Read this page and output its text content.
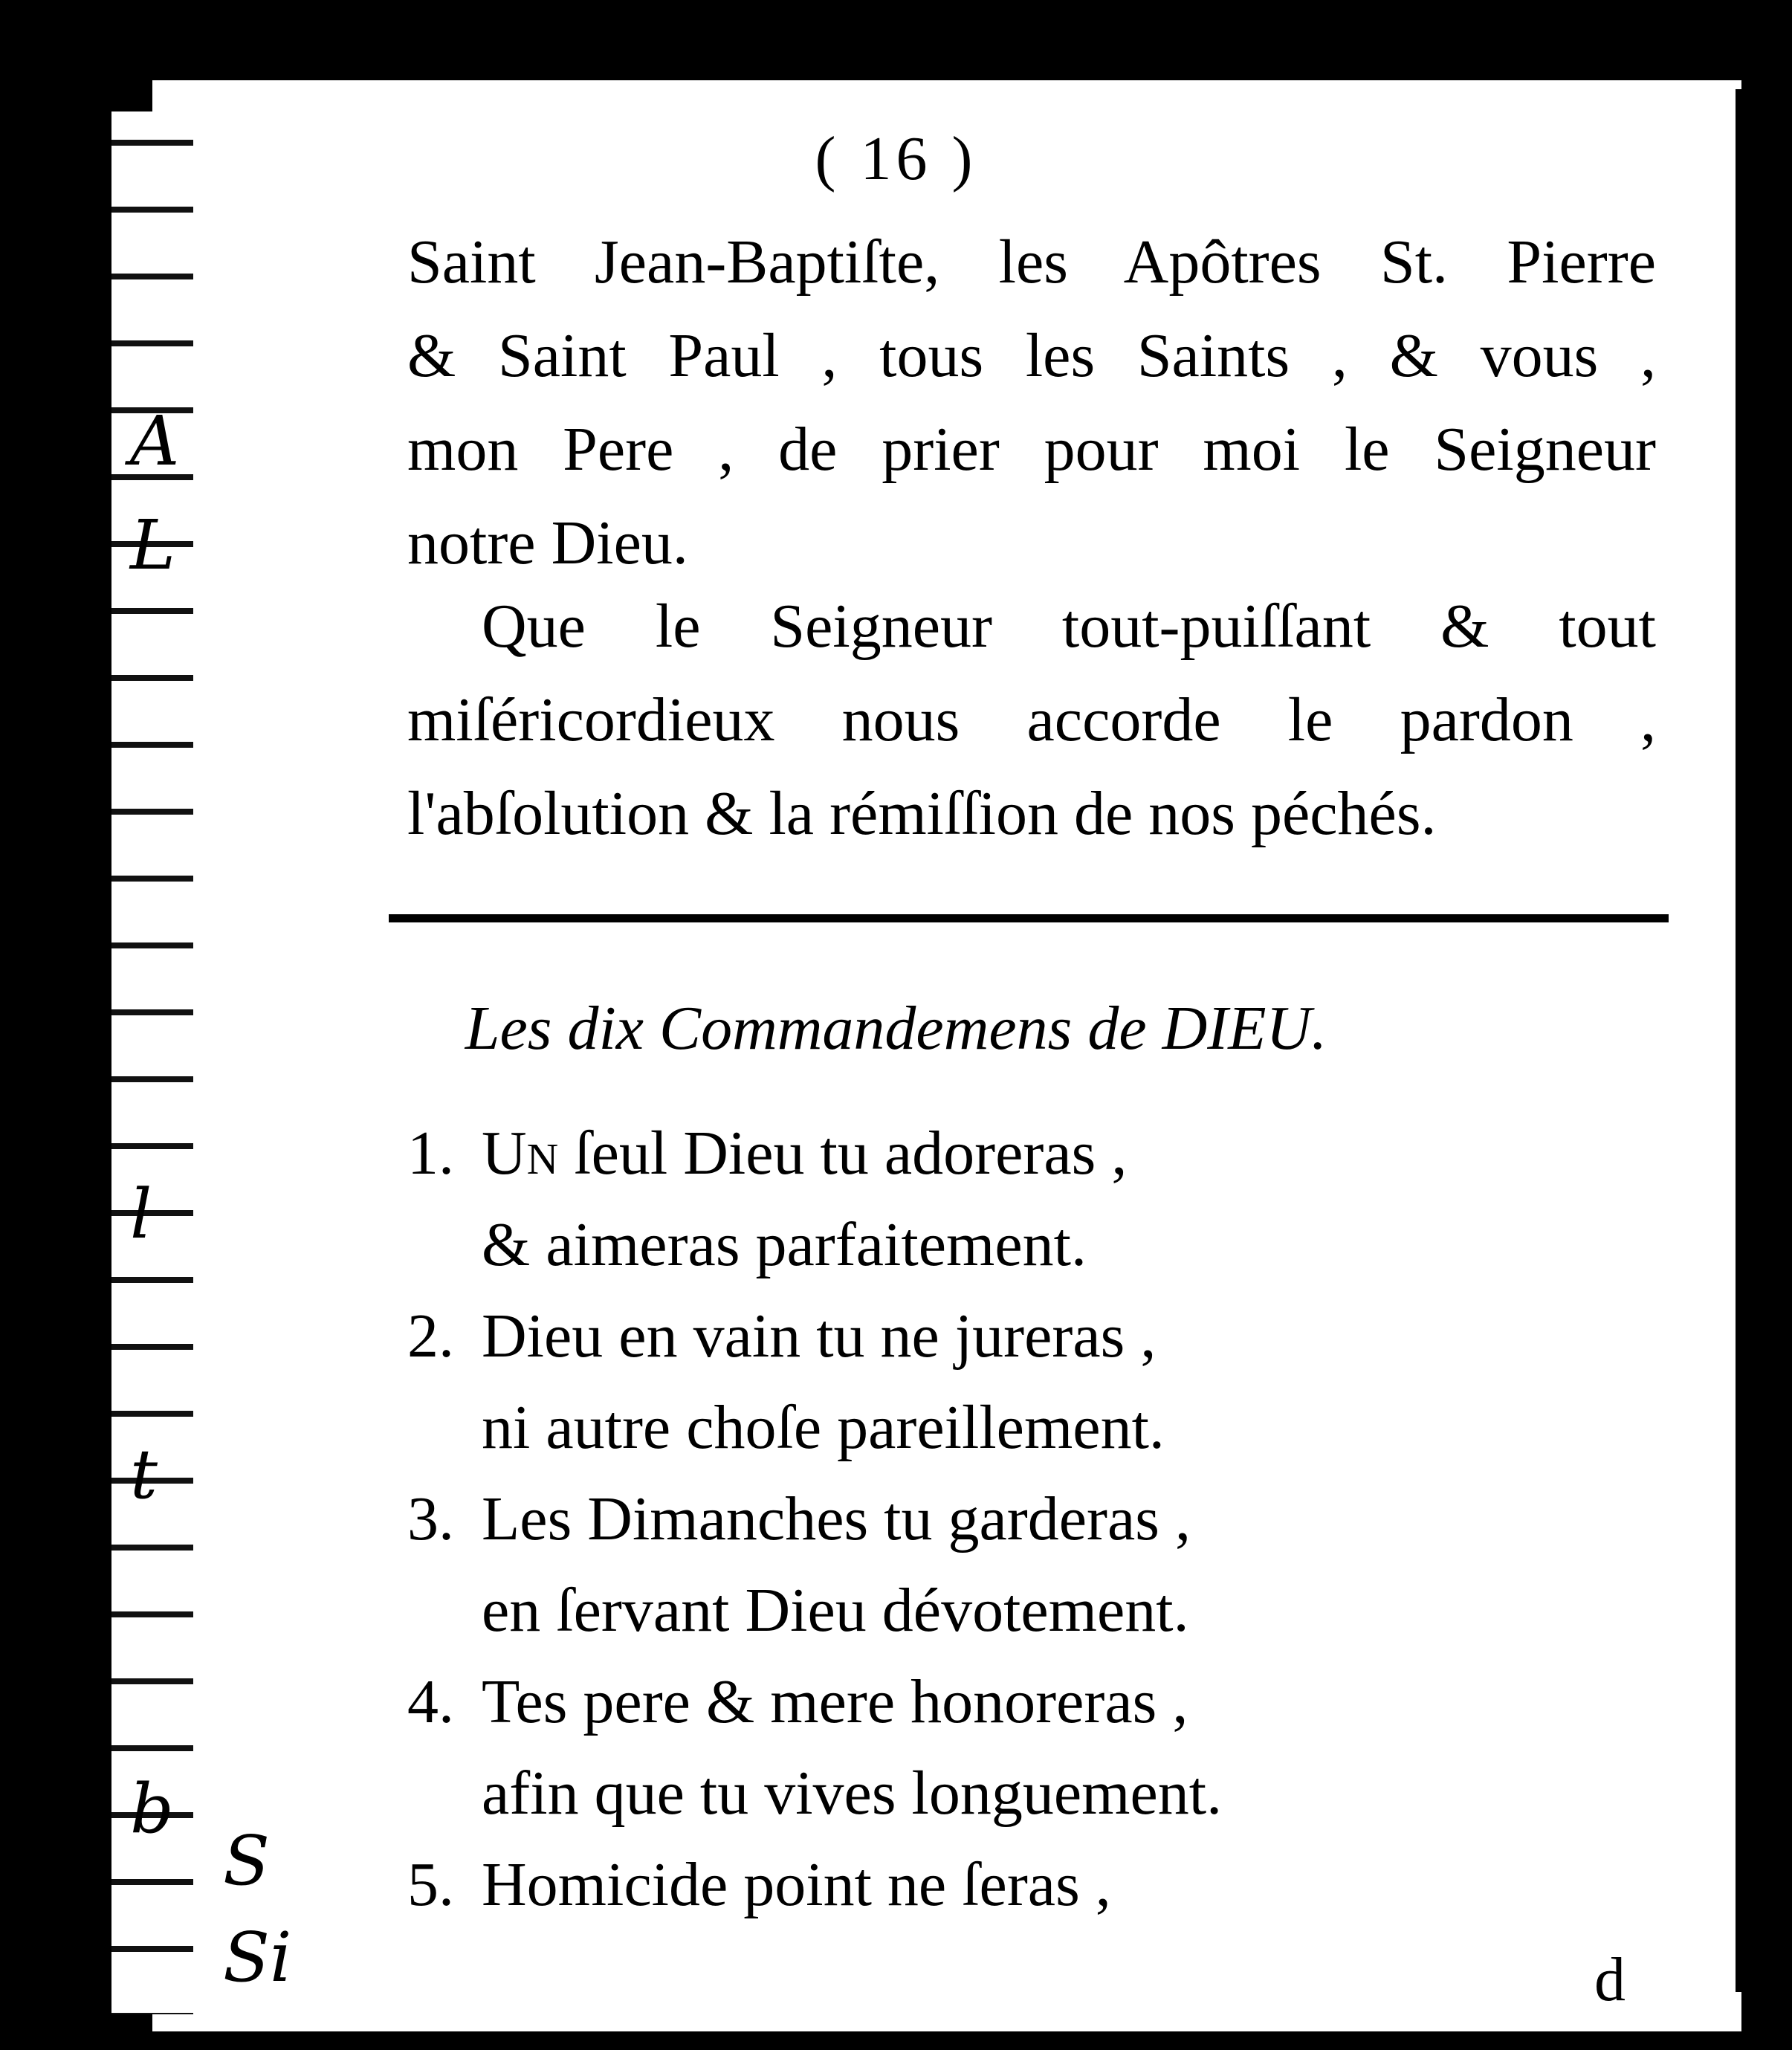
A
L
l
t
b
S
Si
( 16 )
Saint Jean-Baptiſte, les Apôtres St. Pierre
& Saint Paul , tous les Saints , & vous ,
mon Pere , de prier pour moi le Seigneur
notre Dieu.
Que le Seigneur tout-puiſſant & tout
miſéricordieux nous accorde le pardon ,
l'abſolution & la rémiſſion de nos péchés.
Les dix Commandemens de DIEU.
1. Un ſeul Dieu tu adoreras ,
& aimeras parfaitement.
2. Dieu en vain tu ne jureras ,
ni autre choſe pareillement.
3. Les Dimanches tu garderas ,
en ſervant Dieu dévotement.
4. Tes pere & mere honoreras ,
afin que tu vives longuement.
5. Homicide point ne ſeras ,
d
